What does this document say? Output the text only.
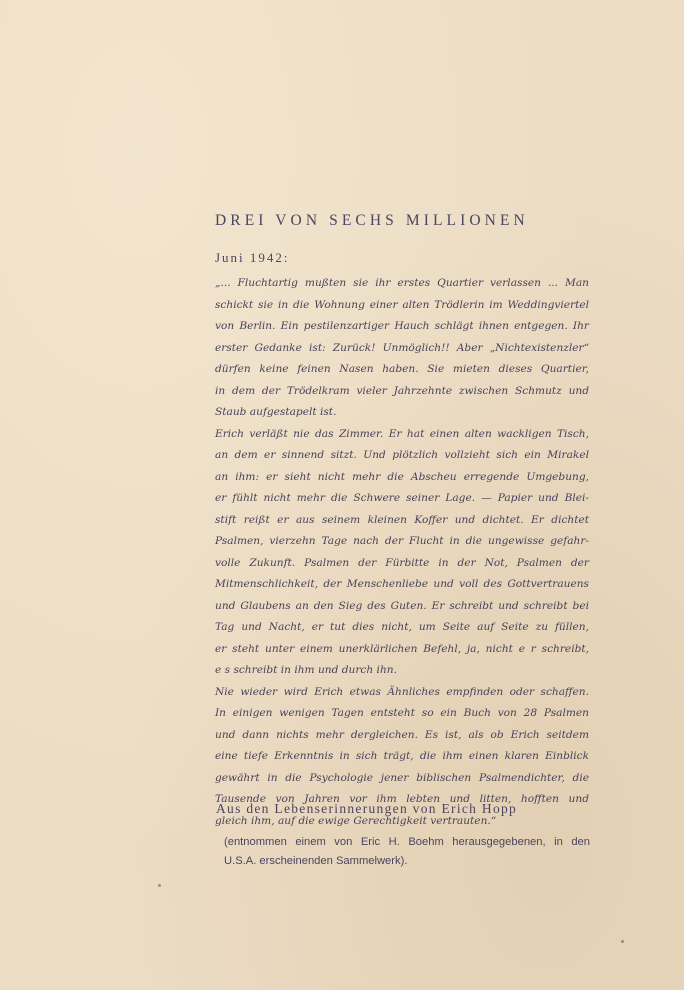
DREI VON SECHS MILLIONEN
Juni 1942:
„... Fluchtartig mußten sie ihr erstes Quartier verlassen ... Man
schickt sie in die Wohnung einer alten Trödlerin im Weddingviertel
von Berlin. Ein pestilenzartiger Hauch schlägt ihnen entgegen. Ihr
erster Gedanke ist: Zurück! Unmöglich!! Aber „Nichtexistenzler“
dürfen keine feinen Nasen haben. Sie mieten dieses Quartier,
in dem der Trödelkram vieler Jahrzehnte zwischen Schmutz und
Staub aufgestapelt ist.
Erich verläßt nie das Zimmer. Er hat einen alten wackligen Tisch,
an dem er sinnend sitzt. Und plötzlich vollzieht sich ein Mirakel
an ihm: er sieht nicht mehr die Abscheu erregende Umgebung,
er fühlt nicht mehr die Schwere seiner Lage. — Papier und Blei-
stift reißt er aus seinem kleinen Koffer und dichtet. Er dichtet
Psalmen, vierzehn Tage nach der Flucht in die ungewisse gefahr-
volle Zukunft. Psalmen der Fürbitte in der Not, Psalmen der
Mitmenschlichkeit, der Menschenliebe und voll des Gottvertrauens
und Glaubens an den Sieg des Guten. Er schreibt und schreibt bei
Tag und Nacht, er tut dies nicht, um Seite auf Seite zu füllen,
er steht unter einem unerklärlichen Befehl, ja, nicht e r schreibt,
e s schreibt in ihm und durch ihn.
Nie wieder wird Erich etwas Ähnliches empfinden oder schaffen.
In einigen wenigen Tagen entsteht so ein Buch von 28 Psalmen
und dann nichts mehr dergleichen. Es ist, als ob Erich seitdem
eine tiefe Erkenntnis in sich trägt, die ihm einen klaren Einblick
gewährt in die Psychologie jener biblischen Psalmendichter, die
Tausende von Jahren vor ihm lebten und litten, hofften und
gleich ihm, auf die ewige Gerechtigkeit vertrauten.“
Aus den Lebenserinnerungen von Erich Hopp
(entnommen einem von Eric H. Boehm herausgegebenen, in den
U.S.A. erscheinenden Sammelwerk).
